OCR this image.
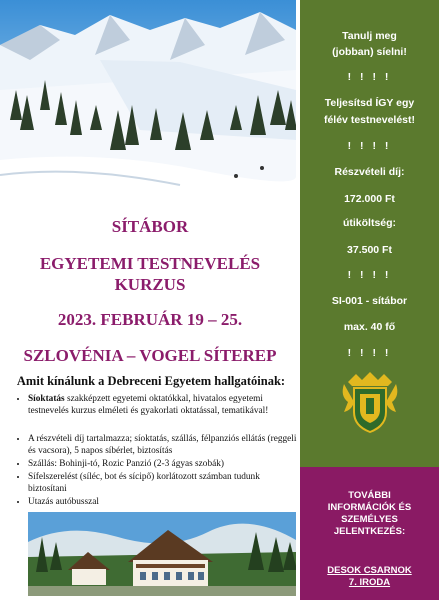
SÍTÁBOR
EGYETEMI TESTNEVELÉS
KURZUS
2023. FEBRUÁR 19 – 25.
SZLOVÉNIA – VOGEL SÍTEREP
Amit kínálunk a Debreceni Egyetem hallgatóinak:
• Síoktatás szakképzett egyetemi oktatókkal, hivatalos egyetemi testnevelés kurzus elméleti és gyakorlati oktatással, tematikával!
• A részvételi díj tartalmazza; síoktatás, szállás, félpanziós ellátás (reggeli és vacsora), 5 napos síbérlet, biztosítás
• Szállás: Bohinji-tó, Rozic Panzió (2-3 ágyas szobák)
• Sífelszerelést (síléc, bot és sícipő) korlátozott számban tudunk biztosítani
• Utazás autóbusszal
Tanulj meg
(jobban) síelni!
! ! ! !
Teljesítsd ÍGY egy
félév testnevelést!
! ! ! !
Részvételi díj:
172.000 Ft
útiköltség:
37.500 Ft
! ! ! !
SI-001 - sítábor
max. 40 fő
! ! ! !
TOVÁBBI
INFORMÁCIÓK ÉS
SZEMÉLYES
JELENTKEZÉS:
DESOK CSARNOK
7. IRODA
